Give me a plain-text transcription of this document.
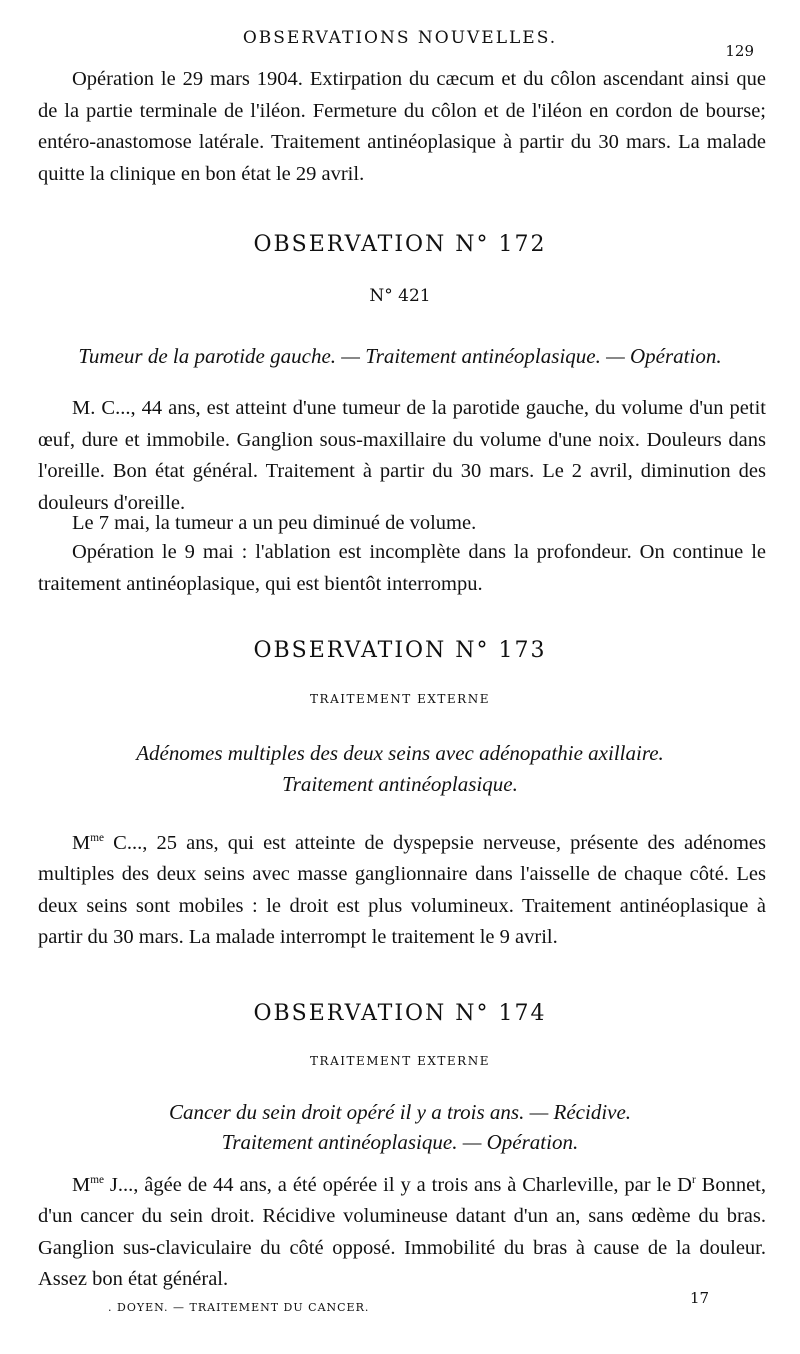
OBSERVATIONS NOUVELLES.
129

Opération le 29 mars 1904. Extirpation du cæcum et du côlon ascendant ainsi que de la partie terminale de l'iléon. Fermeture du côlon et de l'iléon en cordon de bourse; entéro-anastomose latérale. Traitement antinéoplasique à partir du 30 mars. La malade quitte la clinique en bon état le 29 avril.

OBSERVATION N° 172
N° 421
Tumeur de la parotide gauche. — Traitement antinéoplasique. — Opération.

M. C..., 44 ans, est atteint d'une tumeur de la parotide gauche, du volume d'un petit œuf, dure et immobile. Ganglion sous-maxillaire du volume d'une noix. Douleurs dans l'oreille. Bon état général. Traitement à partir du 30 mars. Le 2 avril, diminution des douleurs d'oreille.

Le 7 mai, la tumeur a un peu diminué de volume.

Opération le 9 mai : l'ablation est incomplète dans la profondeur. On continue le traitement antinéoplasique, qui est bientôt interrompu.

OBSERVATION N° 173
TRAITEMENT EXTERNE
Adénomes multiples des deux seins avec adénopathie axillaire.
Traitement antinéoplasique.

$M^{me}$ C..., 25 ans, qui est atteinte de dyspepsie nerveuse, présente des adénomes multiples des deux seins avec masse ganglionnaire dans l'aisselle de chaque côté. Les deux seins sont mobiles : le droit est plus volumineux. Traitement antinéoplasique à partir du 30 mars. La malade interrompt le traitement le 9 avril.

OBSERVATION N° 174
TRAITEMENT EXTERNE
Cancer du sein droit opéré il y a trois ans. — Récidive.
Traitement antinéoplasique. — Opération.

$M^{me}$ J..., âgée de 44 ans, a été opérée il y a trois ans à Charleville, par le $D^r$ Bonnet, d'un cancer du sein droit. Récidive volumineuse datant d'un an, sans œdème du bras. Ganglion sus-claviculaire du côté opposé. Immobilité du bras à cause de la douleur. Assez bon état général.

. DOYEN. — TRAITEMENT DU CANCER.
17
